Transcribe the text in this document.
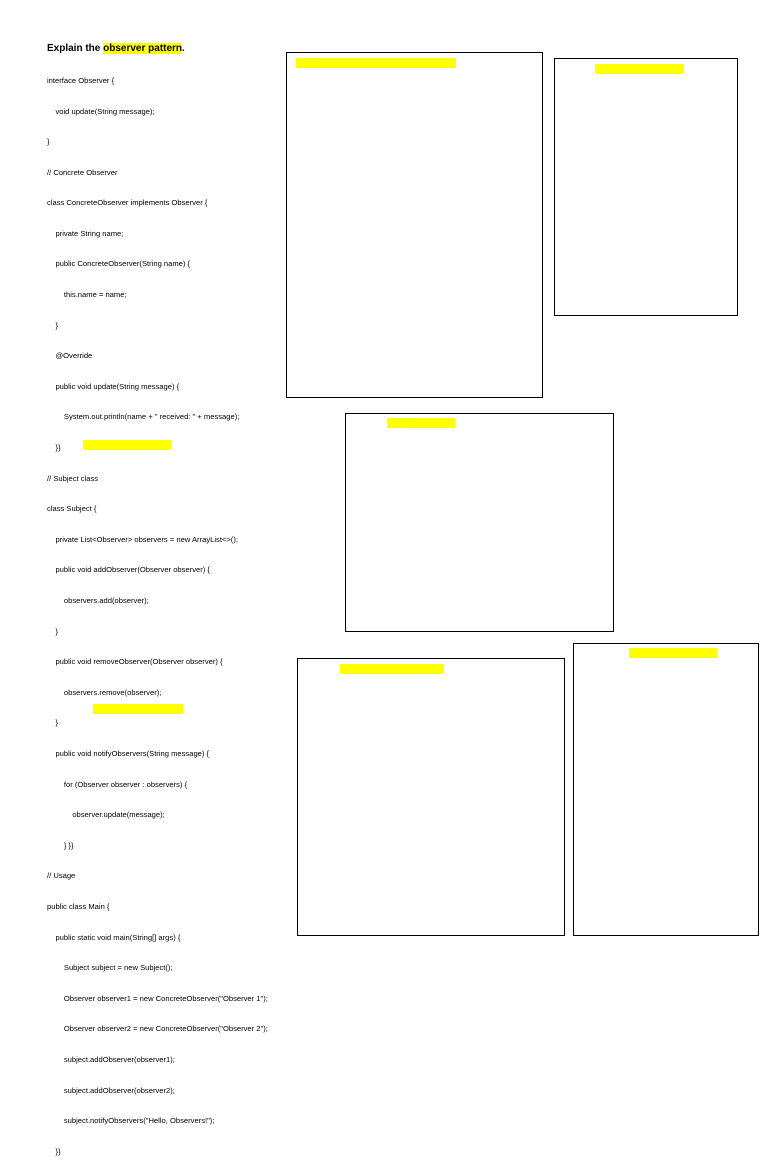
Explain the observer pattern.

interface Observer {

void update(String message);

}

// Concrete Observer

class ConcreteObserver implements Observer {

private String name;

public ConcreteObserver(String name) {

this.name = name;

}

@Override

public void update(String message) {

System.out.println(name + " received: " + message);

}}

// Subject class

class Subject {

private List<Observer> observers = new ArrayList<>();

public void addObserver(Observer observer) {

observers.add(observer);

}

public void removeObserver(Observer observer) {

observers.remove(observer);

}

public void notifyObservers(String message) {

for (Observer observer : observers) {

observer.update(message);

} }}

// Usage

public class Main {

public static void main(String[] args) {

Subject subject = new Subject();

Observer observer1 = new ConcreteObserver("Observer 1");

Observer observer2 = new ConcreteObserver("Observer 2");

subject.addObserver(observer1);

subject.addObserver(observer2);

subject.notifyObservers("Hello, Observers!");

}}
